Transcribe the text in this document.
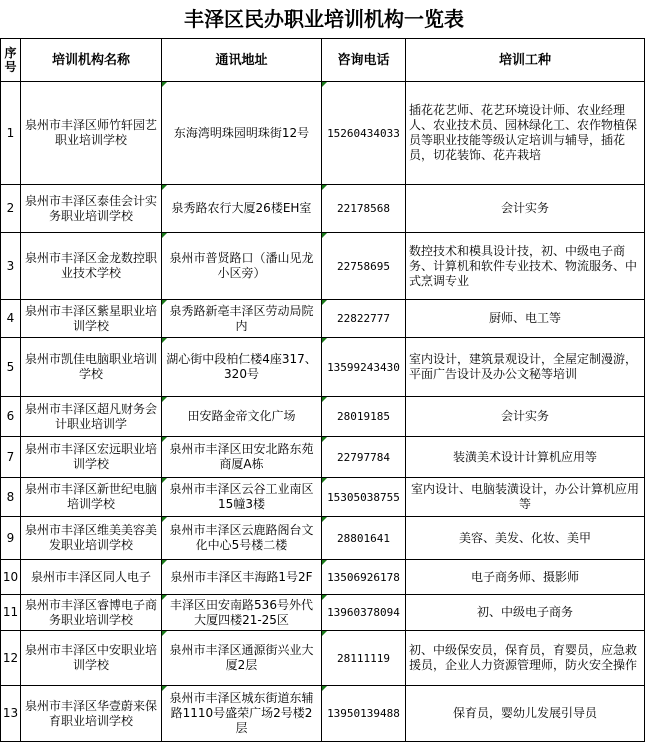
丰泽区民办职业培训机构一览表
序号	培训机构名称	通讯地址	咨询电话	培训工种
1	泉州市丰泽区师竹轩园艺职业培训学校	东海湾明珠园明珠街12号	15260434033	插花花艺师、花艺环境设计师、农业经理人、农业技术员、园林绿化工、农作物植保员等职业技能等级认定培训与辅导，插花员，切花装饰、花卉栽培
2	泉州市丰泽区泰佳会计实务职业培训学校	泉秀路农行大厦26楼EH室	22178568	会计实务
3	泉州市丰泽区金龙数控职业技术学校	泉州市普贤路口（潘山见龙小区旁）	22758695	数控技术和模具设计技，初、中级电子商务、计算机和软件专业技术、物流服务、中式烹调专业
4	泉州市丰泽区紫星职业培训学校	泉秀路新亳丰泽区劳动局院内	22822777	厨师、电工等
5	泉州市凯佳电脑职业培训学校	湖心街中段柏仁楼4座317、320号	13599243430	室内设计，建筑景观设计，全屋定制漫游，平面广告设计及办公文秘等培训
6	泉州市丰泽区超凡财务会计职业培训学	田安路金帝文化广场	28019185	会计实务
7	泉州市丰泽区宏远职业培训学校	泉州市丰泽区田安北路东苑商厦A栋	22797784	装潢美术设计计算机应用等
8	泉州市丰泽区新世纪电脑培训学校	泉州市丰泽区云谷工业南区15幢3楼	15305038755	室内设计、电脑装潢设计，办公计算机应用等
9	泉州市丰泽区维美美容美发职业培训学校	泉州市丰泽区云鹿路阁台文化中心5号楼二楼	28801641	美容、美发、化妆、美甲
10	泉州市丰泽区同人电子	泉州市丰泽区丰海路1号2F	13506926178	电子商务师、摄影师
11	泉州市丰泽区睿博电子商务职业培训学校	丰泽区田安南路536号外代大厦四楼21-25区	13960378094	初、中级电子商务
12	泉州市丰泽区中安职业培训学校	泉州市丰泽区通源街兴业大厦2层	28111119	初、中级保安员，保育员，育婴员，应急救援员，企业人力资源管理师，防火安全操作
13	泉州市丰泽区华壹蔚来保育职业培训学校	泉州市丰泽区城东街道东辅路1110号盛荣广场2号楼2层	13950139488	保育员，婴幼儿发展引导员
